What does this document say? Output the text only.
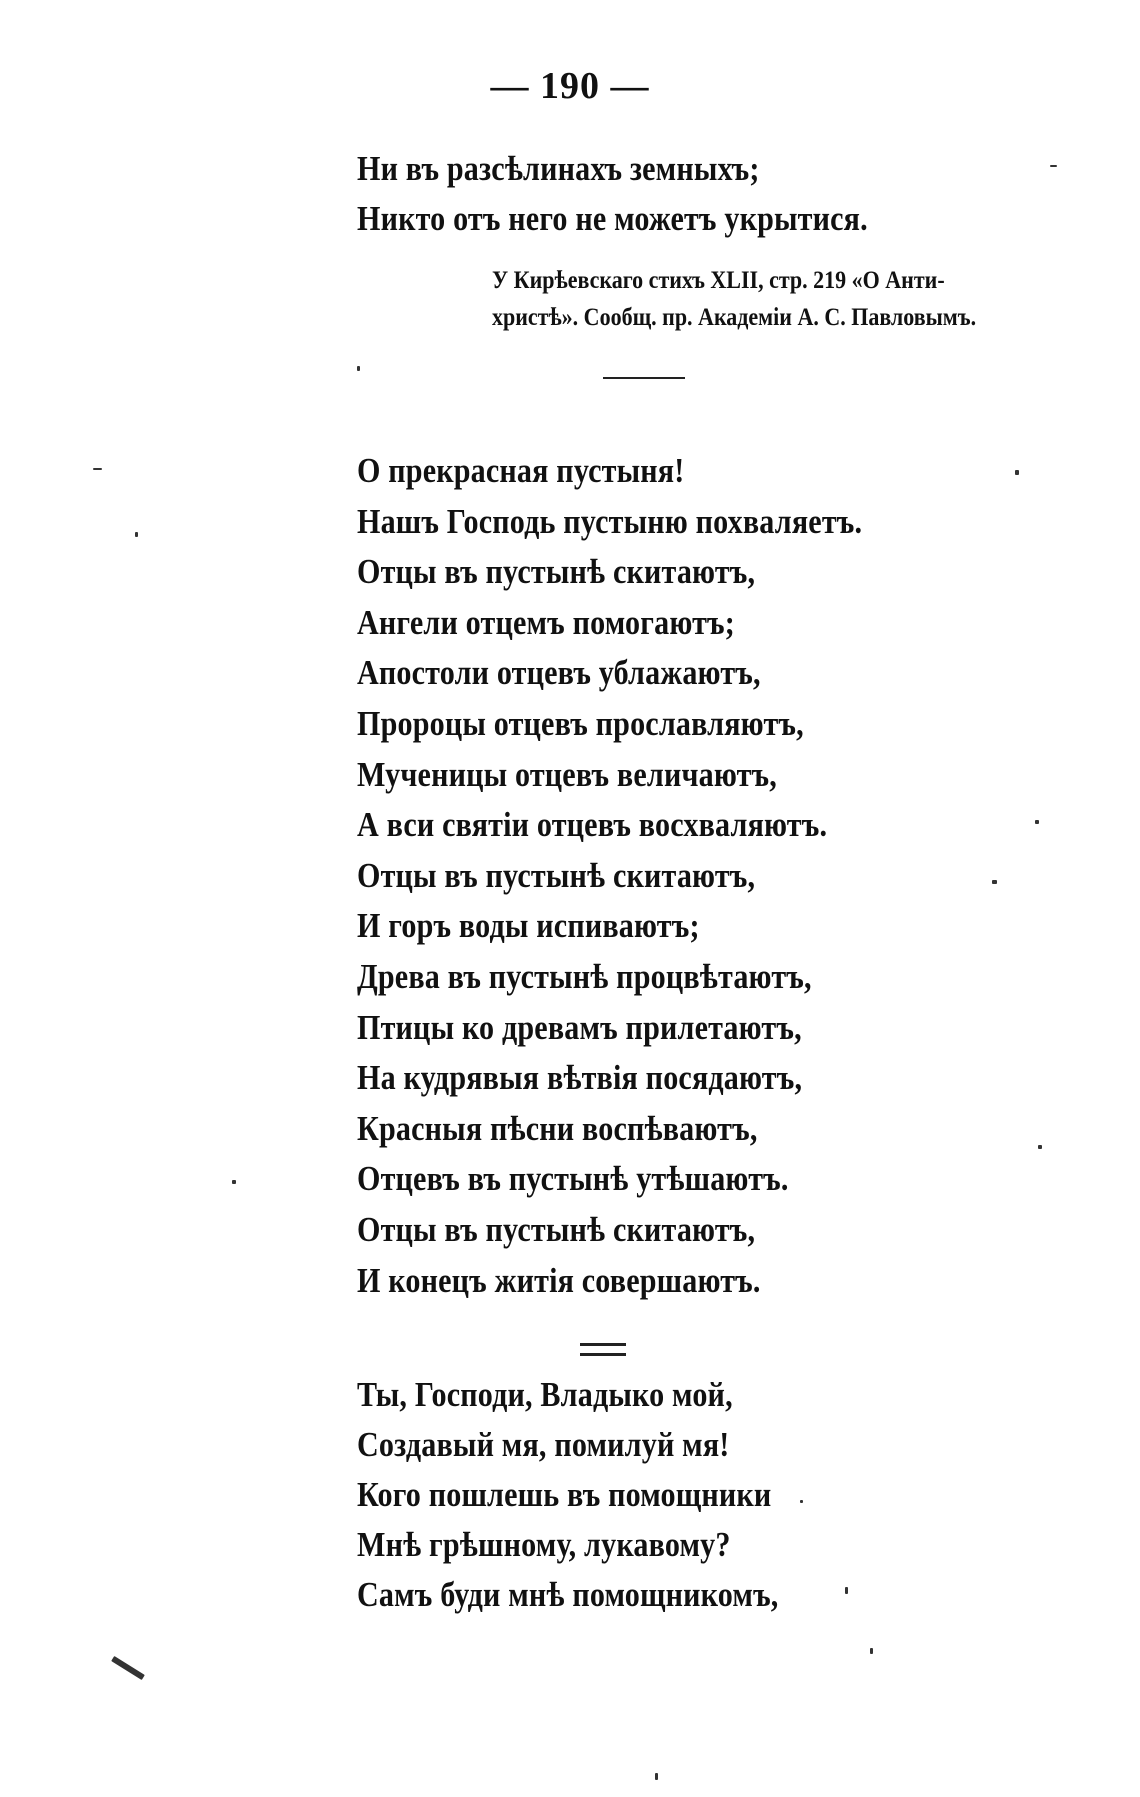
— 190 —
Ни въ разсѣлинахъ земныхъ;
Никто отъ него не можетъ укрытися.
У Кирѣевскаго стихъ XLII, стр. 219 «О Анти-
христѣ». Сообщ. пр. Академіи А. С. Павловымъ.
О прекрасная пустыня!
Нашъ Господь пустыню похваляетъ.
Отцы въ пустынѣ скитаютъ,
Ангели отцемъ помогаютъ;
Апостоли отцевъ ублажаютъ,
Пророцы отцевъ прославляютъ,
Мученицы отцевъ величаютъ,
А вси святіи отцевъ восхваляютъ.
Отцы въ пустынѣ скитаютъ,
И горъ воды испиваютъ;
Древа въ пустынѣ процвѣтаютъ,
Птицы ко древамъ прилетаютъ,
На кудрявыя вѣтвія посядаютъ,
Красныя пѣсни воспѣваютъ,
Отцевъ въ пустынѣ утѣшаютъ.
Отцы въ пустынѣ скитаютъ,
И конецъ житія совершаютъ.
Ты, Господи, Владыко мой,
Создавый мя, помилуй мя!
Кого пошлешь въ помощники
Мнѣ грѣшному, лукавому?
Самъ буди мнѣ помощникомъ,
